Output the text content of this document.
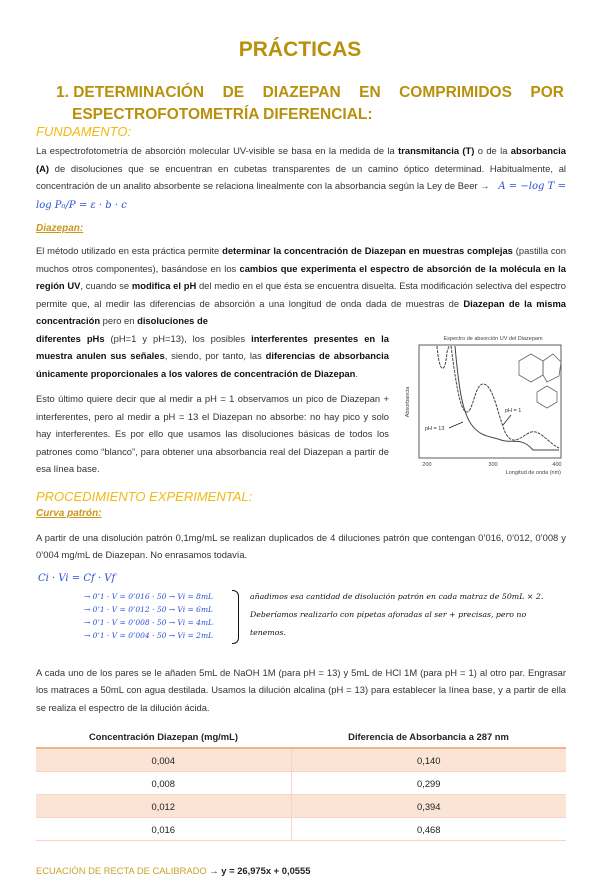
PRÁCTICAS
1. DETERMINACIÓN DE DIAZEPAN EN COMPRIMIDOS POR
ESPECTROFOTOMETRÍA DIFERENCIAL:
FUNDAMENTO:

La espectrofotometría de absorción molecular UV-visible se basa en la medida de la transmitancia (T) o de la absorbancia (A) de disoluciones que se encuentran en cubetas transparentes de un camino óptico determinad. Habitualmente, al concentración de un analito absorbente se relaciona linealmente con la absorbancia según la Ley de Beer → A = −log T = log P₀/P = ε · b · c

Diazepan:

El método utilizado en esta práctica permite determinar la concentración de Diazepan en muestras complejas (pastilla con muchos otros componentes), basándose en los cambios que experimenta el espectro de absorción de la molécula en la región UV, cuando se modifica el pH del medio en el que ésta se encuentra disuelta. Esta modificación selectiva del espectro permite que, al medir las diferencias de absorción a una longitud de onda dada de muestras de Diazepan de la misma concentración pero en disoluciones de

Espectro de absorción UV del Diazepam
Absorbancia
200	300	400
Longitud de onda (nm)
pH = 1
pH = 13

diferentes pHs (pH=1 y pH=13), los posibles interferentes presentes en la muestra anulen sus señales, siendo, por tanto, las diferencias de absorbancia únicamente proporcionales a los valores de concentración de Diazepan.

Esto último quiere decir que al medir a pH = 1 observamos un pico de Diazepan + interferentes, pero al medir a pH = 13 el Diazepan no absorbe: no hay pico y solo hay interferentes. Es por ello que usamos las disoluciones básicas de todos los patrones como “blanco”, para obtener una absorbancia real del Diazepan a partir de esa línea base.

PROCEDIMIENTO EXPERIMENTAL:
Curva patrón:

A partir de una disolución patrón 0,1mg/mL se realizan duplicados de 4 diluciones patrón que contengan 0’016, 0’012, 0’008 y 0’004 mg/mL de Diazepan. No enrasamos todavía.

Ci · Vi = Cf · Vf
→ 0’1 · V = 0’016 · 50 → Vi = 8mL
→ 0’1 · V = 0’012 · 50 → Vi = 6mL
→ 0’1 · V = 0’008 · 50 → Vi = 4mL
→ 0’1 · V = 0’004 · 50 → Vi = 2mL
añadimos esa cantidad de disolución patrón en cada matraz de 50mL × 2. Deberíamos realizarlo con pipetas aforadas al ser + precisas, pero no tenemos.

A cada uno de los pares se le añaden 5mL de NaOH 1M (para pH = 13) y 5mL de HCl 1M (para pH = 1) al otro par. Engrasar los matraces a 50mL con agua destilada. Usamos la dilución alcalina (pH = 13) para establecer la línea base, y a partir de ella se realiza el espectro de la dilución ácida.

Concentración Diazepan (mg/mL)	Diferencia de Absorbancia a 287 nm
0,004	0,140
0,008	0,299
0,012	0,394
0,016	0,468
ECUACIÓN DE RECTA DE CALIBRADO → y = 26,975x + 0,0555
